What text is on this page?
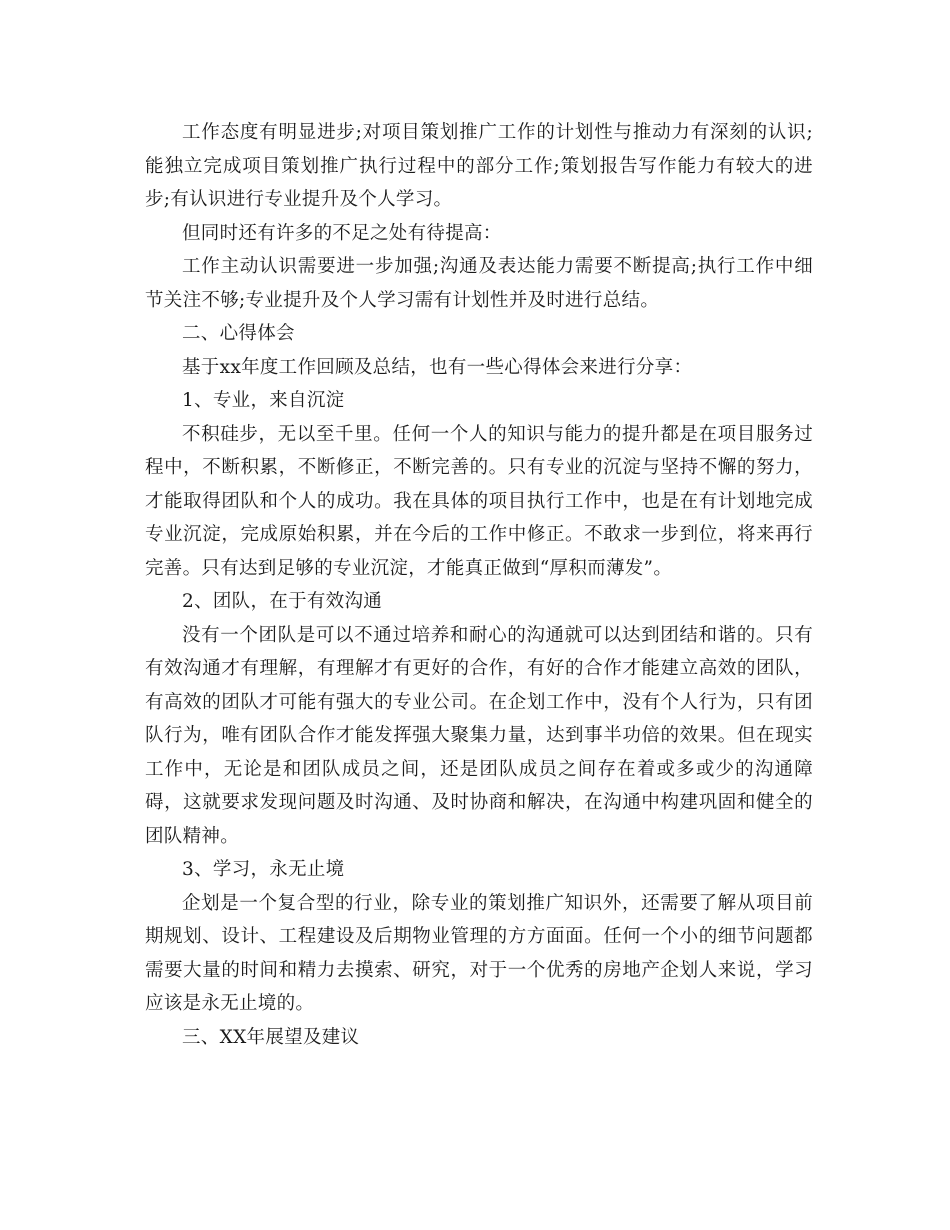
工作态度有明显进步;对项目策划推广工作的计划性与推动力有深刻的认识;能独立完成项目策划推广执行过程中的部分工作;策划报告写作能力有较大的进步;有认识进行专业提升及个人学习。

但同时还有许多的不足之处有待提高：

工作主动认识需要进一步加强;沟通及表达能力需要不断提高;执行工作中细节关注不够;专业提升及个人学习需有计划性并及时进行总结。

二、心得体会

基于xx年度工作回顾及总结，也有一些心得体会来进行分享：

1、专业，来自沉淀

不积硅步，无以至千里。任何一个人的知识与能力的提升都是在项目服务过程中，不断积累，不断修正，不断完善的。只有专业的沉淀与坚持不懈的努力，才能取得团队和个人的成功。我在具体的项目执行工作中，也是在有计划地完成专业沉淀，完成原始积累，并在今后的工作中修正。不敢求一步到位，将来再行完善。只有达到足够的专业沉淀，才能真正做到“厚积而薄发”。

2、团队，在于有效沟通

没有一个团队是可以不通过培养和耐心的沟通就可以达到团结和谐的。只有有效沟通才有理解，有理解才有更好的合作，有好的合作才能建立高效的团队，有高效的团队才可能有强大的专业公司。在企划工作中，没有个人行为，只有团队行为，唯有团队合作才能发挥强大聚集力量，达到事半功倍的效果。但在现实工作中，无论是和团队成员之间，还是团队成员之间存在着或多或少的沟通障碍，这就要求发现问题及时沟通、及时协商和解决，在沟通中构建巩固和健全的团队精神。

3、学习，永无止境

企划是一个复合型的行业，除专业的策划推广知识外，还需要了解从项目前期规划、设计、工程建设及后期物业管理的方方面面。任何一个小的细节问题都需要大量的时间和精力去摸索、研究，对于一个优秀的房地产企划人来说，学习应该是永无止境的。

三、XX年展望及建议
